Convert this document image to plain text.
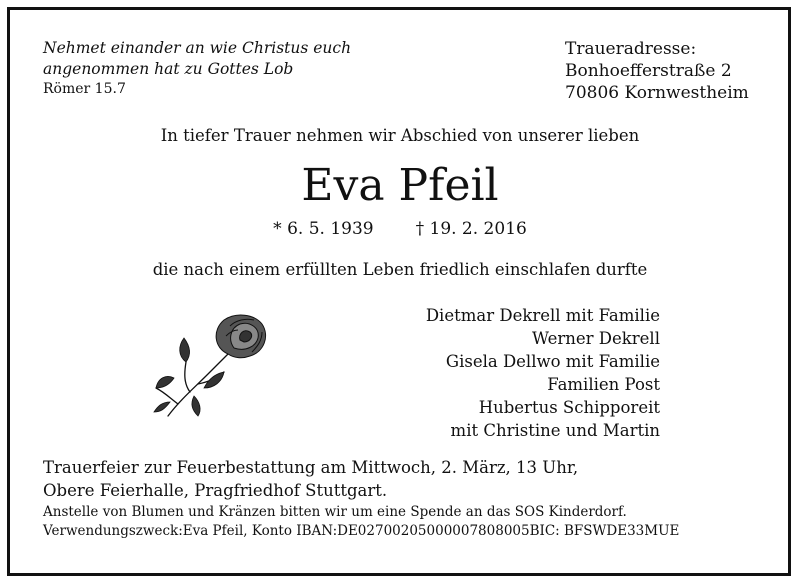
Nehmet einander an wie Christus euch
angenommen hat zu Gottes Lob
Römer 15.7
Traueradresse:
Bonhoefferstraße 2
70806 Kornwestheim
In tiefer Trauer nehmen wir Abschied von unserer lieben
Eva Pfeil
* 6. 5. 1939 † 19. 2. 2016
die nach einem erfüllten Leben friedlich einschlafen durfte
Dietmar Dekrell mit Familie
Werner Dekrell
Gisela Dellwo mit Familie
Familien Post
Hubertus Schipporeit
mit Christine und Martin
Trauerfeier zur Feuerbestattung am Mittwoch, 2. März, 13 Uhr,
Obere Feierhalle, Pragfriedhof Stuttgart.
Anstelle von Blumen und Kränzen bitten wir um eine Spende an das SOS Kinderdorf.
Verwendungszweck:Eva Pfeil, Konto IBAN:DE02700205000007808005BIC: BFSWDE33MUE
